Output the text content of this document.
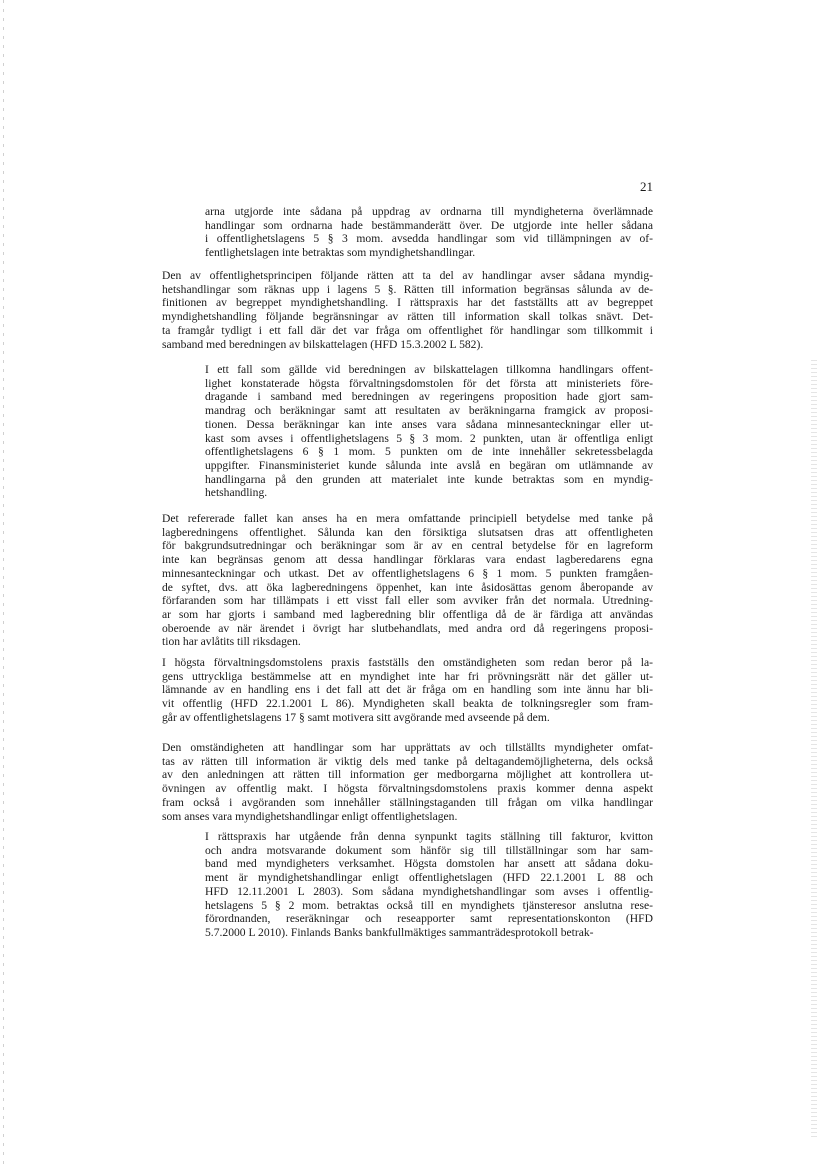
21
arna utgjorde inte sådana på uppdrag av ordnarna till myndigheterna överlämnade
handlingar som ordnarna hade bestämmanderätt över. De utgjorde inte heller sådana
i offentlighetslagens 5 § 3 mom. avsedda handlingar som vid tillämpningen av of-
fentlighetslagen inte betraktas som myndighetshandlingar.
Den av offentlighetsprincipen följande rätten att ta del av handlingar avser sådana myndig-
hetshandlingar som räknas upp i lagens 5 §. Rätten till information begränsas sålunda av de-
finitionen av begreppet myndighetshandling. I rättspraxis har det fastställts att av begreppet
myndighetshandling följande begränsningar av rätten till information skall tolkas snävt. Det-
ta framgår tydligt i ett fall där det var fråga om offentlighet för handlingar som tillkommit i
samband med beredningen av bilskattelagen (HFD 15.3.2002 L 582).
I ett fall som gällde vid beredningen av bilskattelagen tillkomna handlingars offent-
lighet konstaterade högsta förvaltningsdomstolen för det första att ministeriets före-
dragande i samband med beredningen av regeringens proposition hade gjort sam-
mandrag och beräkningar samt att resultaten av beräkningarna framgick av proposi-
tionen. Dessa beräkningar kan inte anses vara sådana minnesanteckningar eller ut-
kast som avses i offentlighetslagens 5 § 3 mom. 2 punkten, utan är offentliga enligt
offentlighetslagens 6 § 1 mom. 5 punkten om de inte innehåller sekretessbelagda
uppgifter. Finansministeriet kunde sålunda inte avslå en begäran om utlämnande av
handlingarna på den grunden att materialet inte kunde betraktas som en myndig-
hetshandling.
Det refererade fallet kan anses ha en mera omfattande principiell betydelse med tanke på
lagberedningens offentlighet. Sålunda kan den försiktiga slutsatsen dras att offentligheten
för bakgrundsutredningar och beräkningar som är av en central betydelse för en lagreform
inte kan begränsas genom att dessa handlingar förklaras vara endast lagberedarens egna
minnesanteckningar och utkast. Det av offentlighetslagens 6 § 1 mom. 5 punkten framgåen-
de syftet, dvs. att öka lagberedningens öppenhet, kan inte åsidosättas genom åberopande av
förfaranden som har tillämpats i ett visst fall eller som avviker från det normala. Utredning-
ar som har gjorts i samband med lagberedning blir offentliga då de är färdiga att användas
oberoende av när ärendet i övrigt har slutbehandlats, med andra ord då regeringens proposi-
tion har avlåtits till riksdagen.
I högsta förvaltningsdomstolens praxis fastställs den omständigheten som redan beror på la-
gens uttryckliga bestämmelse att en myndighet inte har fri prövningsrätt när det gäller ut-
lämnande av en handling ens i det fall att det är fråga om en handling som inte ännu har bli-
vit offentlig (HFD 22.1.2001 L 86). Myndigheten skall beakta de tolkningsregler som fram-
går av offentlighetslagens 17 § samt motivera sitt avgörande med avseende på dem.
Den omständigheten att handlingar som har upprättats av och tillställts myndigheter omfat-
tas av rätten till information är viktig dels med tanke på deltagandemöjligheterna, dels också
av den anledningen att rätten till information ger medborgarna möjlighet att kontrollera ut-
övningen av offentlig makt. I högsta förvaltningsdomstolens praxis kommer denna aspekt
fram också i avgöranden som innehåller ställningstaganden till frågan om vilka handlingar
som anses vara myndighetshandlingar enligt offentlighetslagen.
I rättspraxis har utgående från denna synpunkt tagits ställning till fakturor, kvitton
och andra motsvarande dokument som hänför sig till tillställningar som har sam-
band med myndigheters verksamhet. Högsta domstolen har ansett att sådana doku-
ment är myndighetshandlingar enligt offentlighetslagen (HFD 22.1.2001 L 88 och
HFD 12.11.2001 L 2803). Som sådana myndighetshandlingar som avses i offentlig-
hetslagens 5 § 2 mom. betraktas också till en myndighets tjänsteresor anslutna rese-
förordnanden, reseräkningar och reseapporter samt representationskonton (HFD
5.7.2000 L 2010). Finlands Banks bankfullmäktiges sammanträdesprotokoll betrak-
